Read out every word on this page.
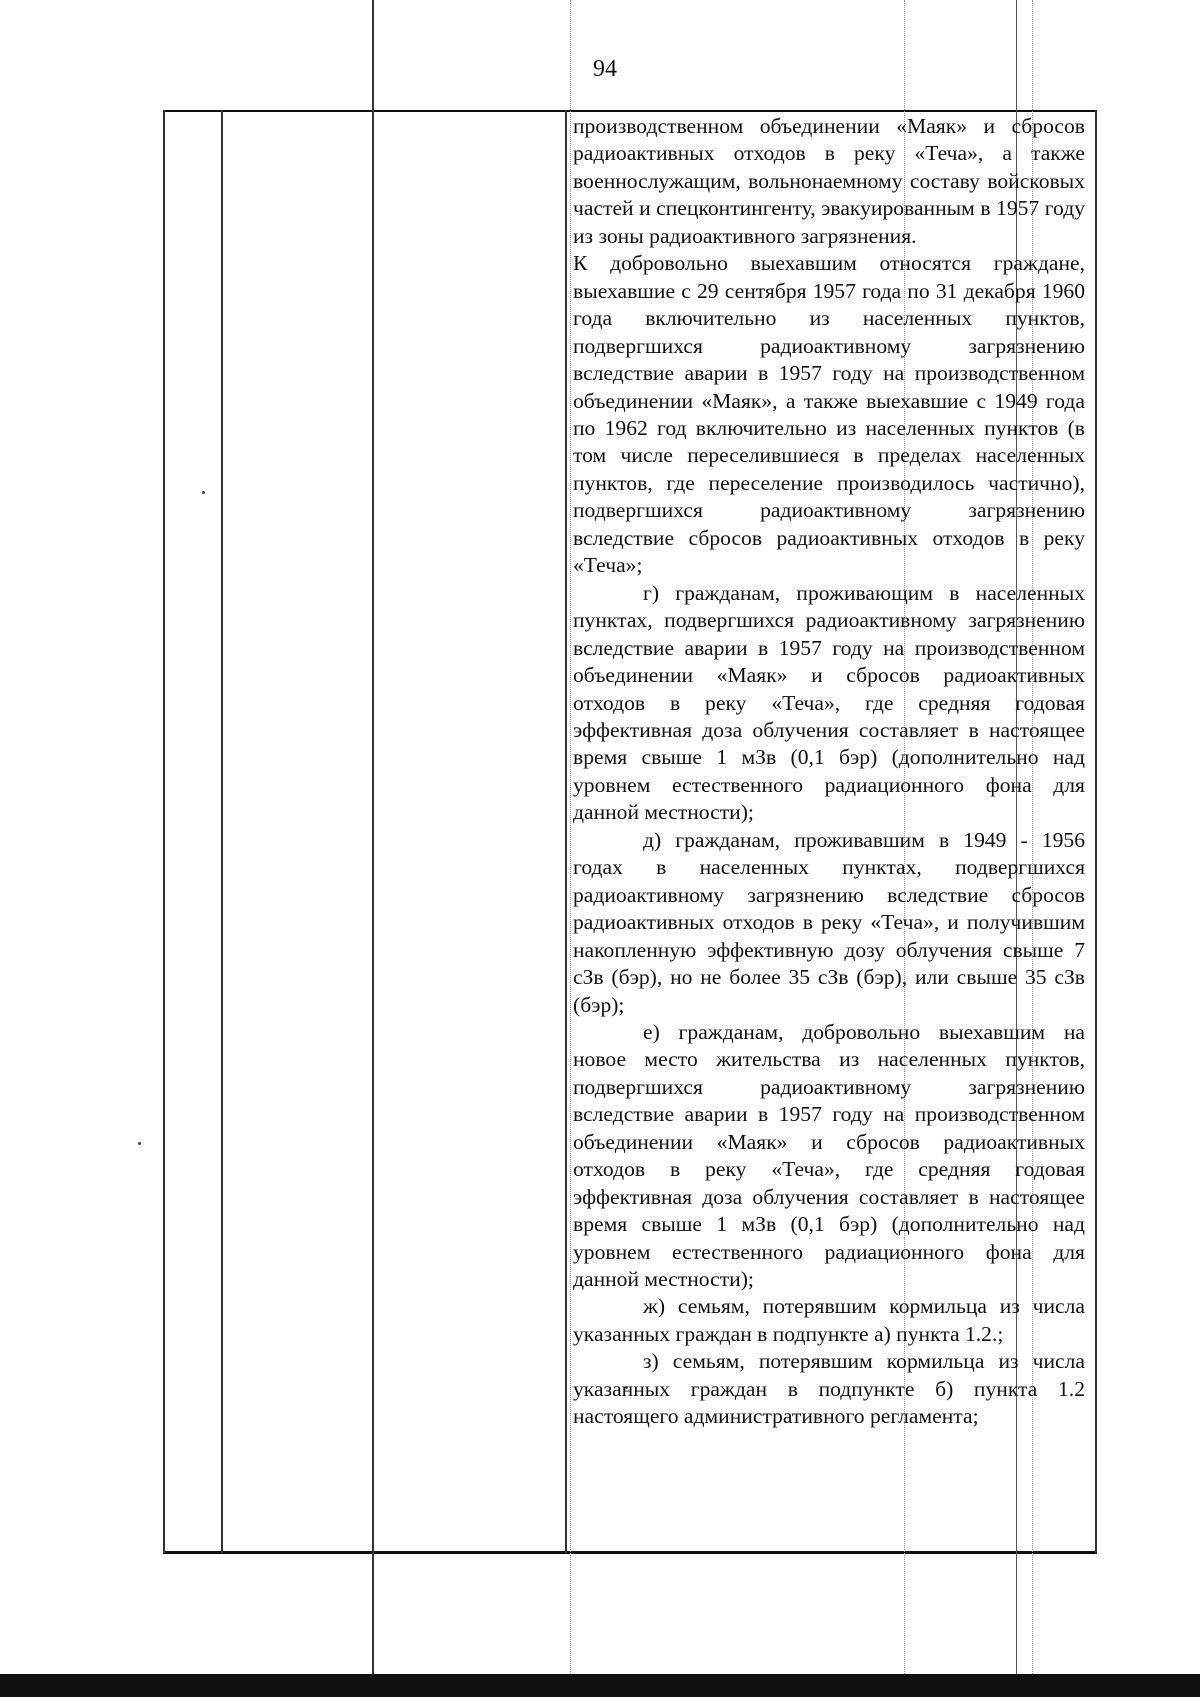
94

производственном объединении «Маяк» и сбросов радиоактивных отходов в реку «Теча», а также военнослужащим, вольнонаемному составу войсковых частей и спецконтингенту, эвакуированным в 1957 году из зоны радиоактивного загрязнения.

К добровольно выехавшим относятся граждане, выехавшие с 29 сентября 1957 года по 31 декабря 1960 года включительно из населенных пунктов, подвергшихся радиоактивному загрязнению вследствие аварии в 1957 году на производственном объединении «Маяк», а также выехавшие с 1949 года по 1962 год включительно из населенных пунктов (в том числе переселившиеся в пределах населенных пунктов, где переселение производилось частично), подвергшихся радиоактивному загрязнению вследствие сбросов радиоактивных отходов в реку «Теча»;

г) гражданам, проживающим в населенных пунктах, подвергшихся радиоактивному загрязнению вследствие аварии в 1957 году на производственном объединении «Маяк» и сбросов радиоактивных отходов в реку «Теча», где средняя годовая эффективная доза облучения составляет в настоящее время свыше 1 мЗв (0,1 бэр) (дополнительно над уровнем естественного радиационного фона для данной местности);

д) гражданам, проживавшим в 1949 - 1956 годах в населенных пунктах, подвергшихся радиоактивному загрязнению вследствие сбросов радиоактивных отходов в реку «Теча», и получившим накопленную эффективную дозу облучения свыше 7 сЗв (бэр), но не более 35 сЗв (бэр), или свыше 35 сЗв (бэр);

е) гражданам, добровольно выехавшим на новое место жительства из населенных пунктов, подвергшихся радиоактивному загрязнению вследствие аварии в 1957 году на производственном объединении «Маяк» и сбросов радиоактивных отходов в реку «Теча», где средняя годовая эффективная доза облучения составляет в настоящее время свыше 1 мЗв (0,1 бэр) (дополнительно над уровнем естественного радиационного фона для данной местности);

ж) семьям, потерявшим кормильца из числа указанных граждан в подпункте а) пункта 1.2.;

з) семьям, потерявшим кормильца из числа указанных граждан в подпункте б) пункта 1.2 настоящего административного регламента;
